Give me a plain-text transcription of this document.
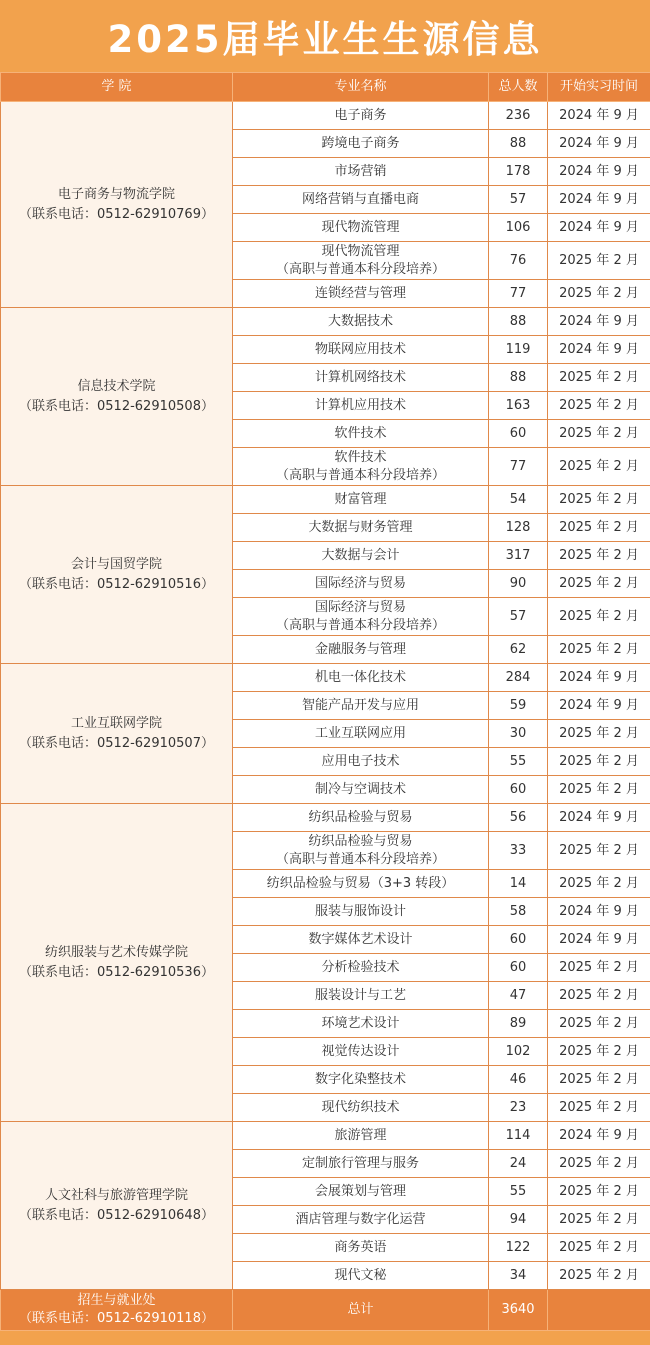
2025届毕业生生源信息
学 院	专业名称	总人数	开始实习时间

电子商务与物流学院
（联系电话：0512-62910769）	电子商务	236	2024 年 9 月

	跨境电子商务	88	2024 年 9 月

	市场营销	178	2024 年 9 月

	网络营销与直播电商	57	2024 年 9 月

	现代物流管理	106	2024 年 9 月

	现代物流管理
（高职与普通本科分段培养）	76	2025 年 2 月

	连锁经营与管理	77	2025 年 2 月

信息技术学院
（联系电话：0512-62910508）	大数据技术	88	2024 年 9 月

	物联网应用技术	119	2024 年 9 月

	计算机网络技术	88	2025 年 2 月

	计算机应用技术	163	2025 年 2 月

	软件技术	60	2025 年 2 月

	软件技术
（高职与普通本科分段培养）	77	2025 年 2 月

会计与国贸学院
（联系电话：0512-62910516）	财富管理	54	2025 年 2 月

	大数据与财务管理	128	2025 年 2 月

	大数据与会计	317	2025 年 2 月

	国际经济与贸易	90	2025 年 2 月

	国际经济与贸易
（高职与普通本科分段培养）	57	2025 年 2 月

	金融服务与管理	62	2025 年 2 月

工业互联网学院
（联系电话：0512-62910507）	机电一体化技术	284	2024 年 9 月

	智能产品开发与应用	59	2024 年 9 月

	工业互联网应用	30	2025 年 2 月

	应用电子技术	55	2025 年 2 月

	制冷与空调技术	60	2025 年 2 月

纺织服装与艺术传媒学院
（联系电话：0512-62910536）	纺织品检验与贸易	56	2024 年 9 月

	纺织品检验与贸易
（高职与普通本科分段培养）	33	2025 年 2 月

	纺织品检验与贸易（3+3 转段）	14	2025 年 2 月

	服装与服饰设计	58	2024 年 9 月

	数字媒体艺术设计	60	2024 年 9 月

	分析检验技术	60	2025 年 2 月

	服装设计与工艺	47	2025 年 2 月

	环境艺术设计	89	2025 年 2 月

	视觉传达设计	102	2025 年 2 月

	数字化染整技术	46	2025 年 2 月

	现代纺织技术	23	2025 年 2 月

人文社科与旅游管理学院
（联系电话：0512-62910648）	旅游管理	114	2024 年 9 月

	定制旅行管理与服务	24	2025 年 2 月

	会展策划与管理	55	2025 年 2 月

	酒店管理与数字化运营	94	2025 年 2 月

	商务英语	122	2025 年 2 月

	现代文秘	34	2025 年 2 月

招生与就业处
（联系电话：0512-62910118）	总计	3640	
